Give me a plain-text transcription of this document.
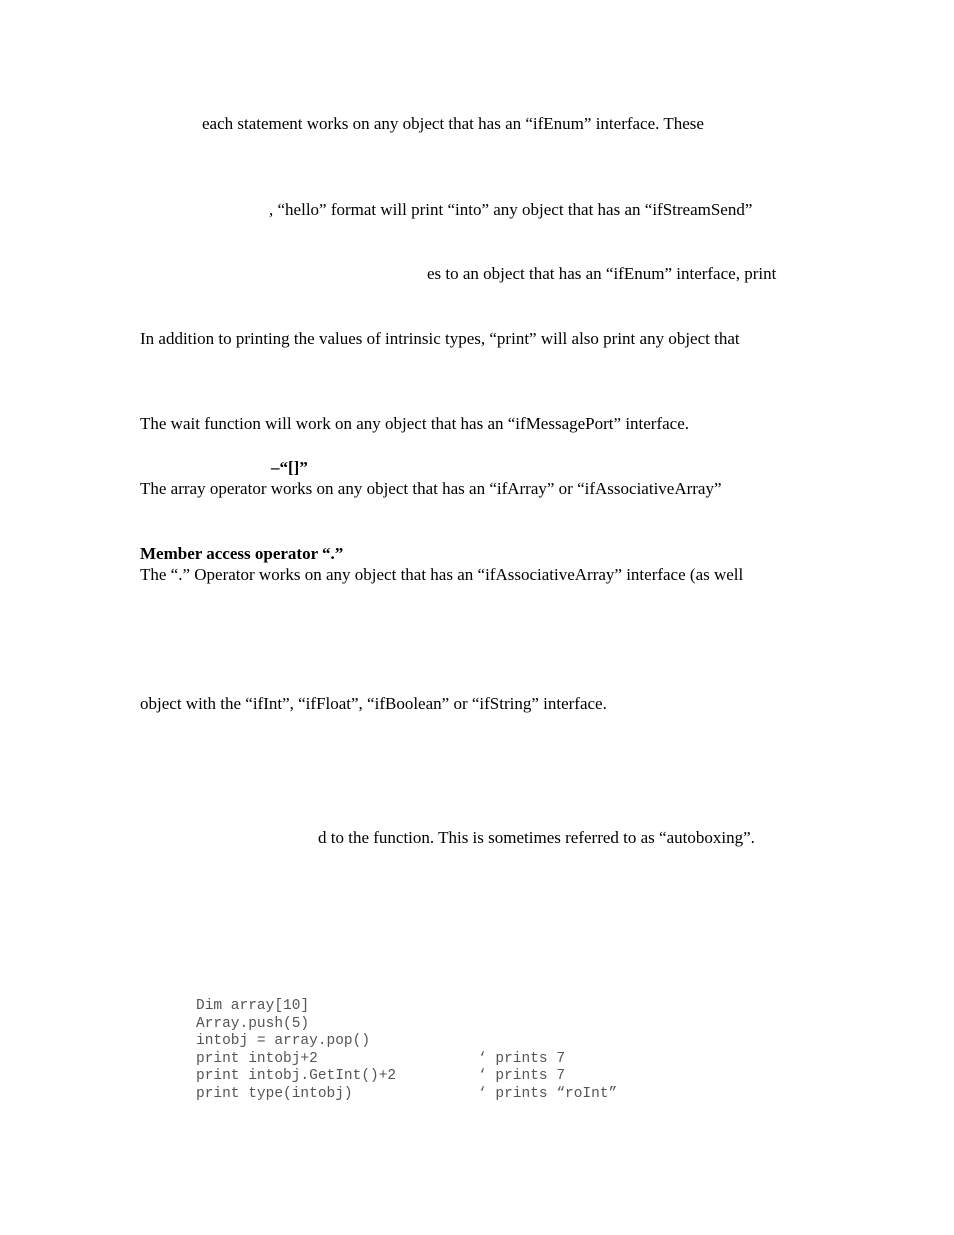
each statement works on any object that has an “ifEnum” interface. These
, “hello” format will print “into” any object that has an “ifStreamSend”
es to an object that has an “ifEnum” interface, print
In addition to printing the values of intrinsic types, “print” will also print any object that
The wait function will work on any object that has an “ifMessagePort” interface.
–“[]”
The array operator works on any object that has an “ifArray” or “ifAssociativeArray”
Member access operator “.”
The “.” Operator works on any object that has an “ifAssociativeArray” interface (as well
object with the “ifInt”, “ifFloat”, “ifBoolean” or “ifString” interface.
d to the function. This is sometimes referred to as “autoboxing”.
Dim array[10]
Array.push(5)
intobj = array.pop()
print intobj+2	‘ prints 7
print intobj.GetInt()+2	‘ prints 7
print type(intobj)	‘ prints “roInt”
